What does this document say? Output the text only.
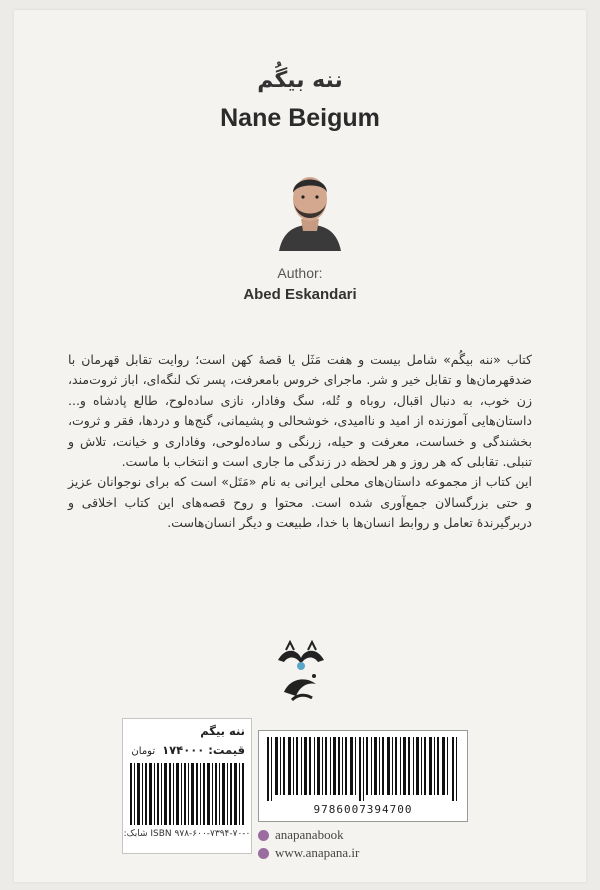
ننه بیگُم
Nane Beigum
Author:
Abed Eskandari

کتاب «ننه بیگُم» شامل بیست و هفت مَثَل یا قصهٔ کهن است؛ روایت تقابل قهرمان با ضدقهرمان‌ها و تقابل خیر و شر. ماجرای خروس بامعرفت، پسر تک لنگه‌ای، اباز ثروت‌مند، زن خوب، به دنبال اقبال، روباه و تُله، سگ وفادار، نازی ساده‌لوح، طالع پادشاه و... داستان‌هایی آموزنده از امید و ناامیدی، خوشحالی و پشیمانی، گنج‌ها و دردها، فقر و ثروت، بخشندگی و خساست، معرفت و حیله، زرنگی و ساده‌لوحی، وفاداری و خیانت، تلاش و تنبلی. تقابلی که هر روز و هر لحظه در زندگی ما جاری است و انتخاب با ماست.

این کتاب از مجموعه داستان‌های محلی ایرانی به نام «مَتَل» است که برای نوجوانان عزیز و حتی بزرگسالان جمع‌آوری شده است. محتوا و روح قصه‌های این کتاب اخلاقی و دربرگیرندهٔ تعامل و روابط انسان‌ها با خدا، طبیعت و دیگر انسان‌هاست.

9786007394700
anapanabook
www.anapana.ir
ننه بیگم
قیمت: ۱۷۴۰۰۰ تومان
ISBN ۹۷۸-۶۰۰-۷۳۹۴-۷۰-۰ شابک:
